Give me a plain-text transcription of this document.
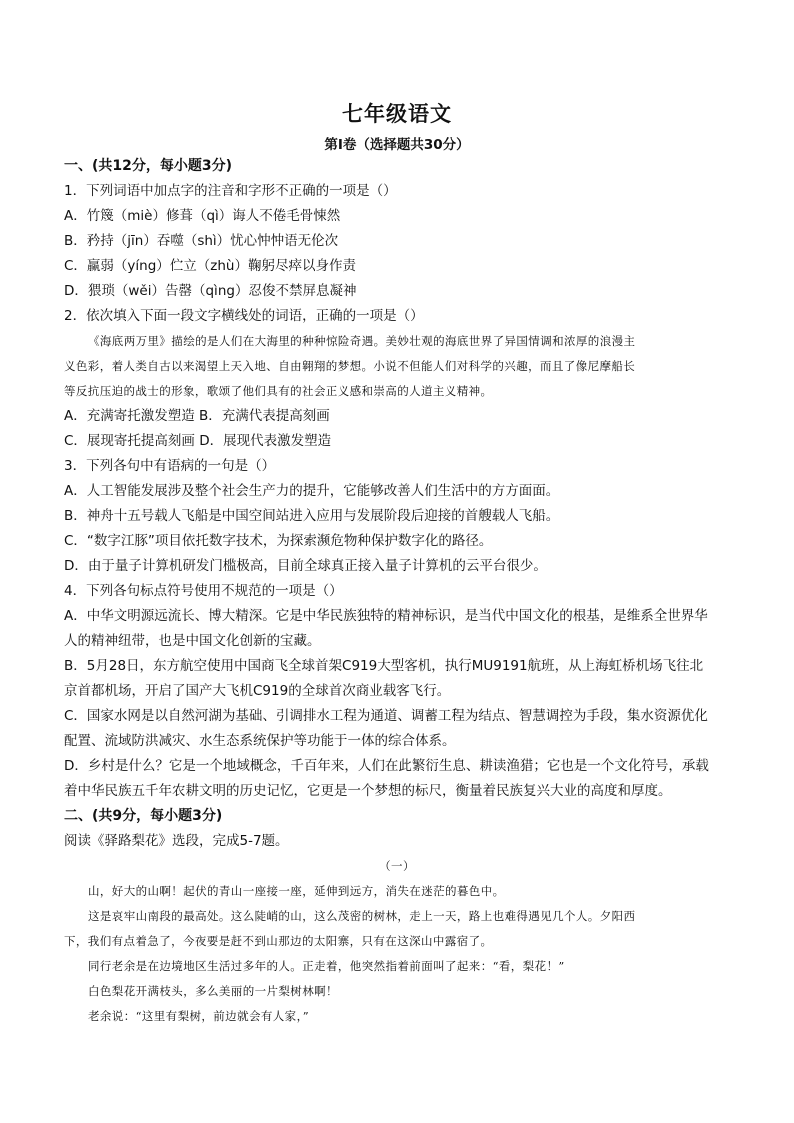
七年级语文
第Ⅰ卷（选择题共30分）
一、(共12分，每小题3分)
1．下列词语中加点字的注音和字形不正确的一项是（）
A．竹篾（miè）修葺（qì）诲人不倦毛骨悚然
B．矜持（jīn）吞噬（shì）忧心忡忡语无伦次
C．赢弱（yíng）伫立（zhù）鞠躬尽瘁以身作责
D．猥琐（wěi）告罄（qìng）忍俊不禁屏息凝神
2．依次填入下面一段文字横线处的词语，正确的一项是（）
《海底两万里》描绘的是人们在大海里的种种惊险奇遇。美妙壮观的海底世界了异国情调和浓厚的浪漫主
义色彩，着人类自古以来渴望上天入地、自由翱翔的梦想。小说不但能人们对科学的兴趣，而且了像尼摩船长
等反抗压迫的战士的形象，歌颂了他们具有的社会正义感和崇高的人道主义精神。
A．充满寄托激发塑造 B．充满代表提高刻画
C．展现寄托提高刻画 D．展现代表激发塑造
3．下列各句中有语病的一句是（）
A．人工智能发展涉及整个社会生产力的提升，它能够改善人们生活中的方方面面。
B．神舟十五号载人飞船是中国空间站进入应用与发展阶段后迎接的首艘载人飞船。
C．“数字江豚”项目依托数字技术，为探索濒危物种保护数字化的路径。
D．由于量子计算机研发门槛极高，目前全球真正接入量子计算机的云平台很少。
4．下列各句标点符号使用不规范的一项是（）
A．中华文明源远流长、博大精深。它是中华民族独特的精神标识，是当代中国文化的根基，是维系全世界华
人的精神纽带，也是中国文化创新的宝藏。
B．5月28日，东方航空使用中国商飞全球首架C919大型客机，执行MU9191航班，从上海虹桥机场飞往北
京首都机场，开启了国产大飞机C919的全球首次商业载客飞行。
C．国家水网是以自然河湖为基础、引调排水工程为通道、调蓄工程为结点、智慧调控为手段，集水资源优化
配置、流域防洪减灾、水生态系统保护等功能于一体的综合体系。
D．乡村是什么？它是一个地域概念，千百年来，人们在此繁衍生息、耕读渔猎；它也是一个文化符号，承载
着中华民族五千年农耕文明的历史记忆，它更是一个梦想的标尺，衡量着民族复兴大业的高度和厚度。
二、(共9分，每小题3分)
阅读《驿路梨花》选段，完成5-7题。
（一）
山，好大的山啊！起伏的青山一座接一座，延伸到远方，消失在迷茫的暮色中。
这是哀牢山南段的最高处。这么陡峭的山，这么茂密的树林，走上一天，路上也难得遇见几个人。夕阳西
下，我们有点着急了，今夜要是赶不到山那边的太阳寨，只有在这深山中露宿了。
同行老余是在边境地区生活过多年的人。正走着，他突然指着前面叫了起来：“看，梨花！”
白色梨花开满枝头，多么美丽的一片梨树林啊！
老余说：“这里有梨树，前边就会有人家，”
